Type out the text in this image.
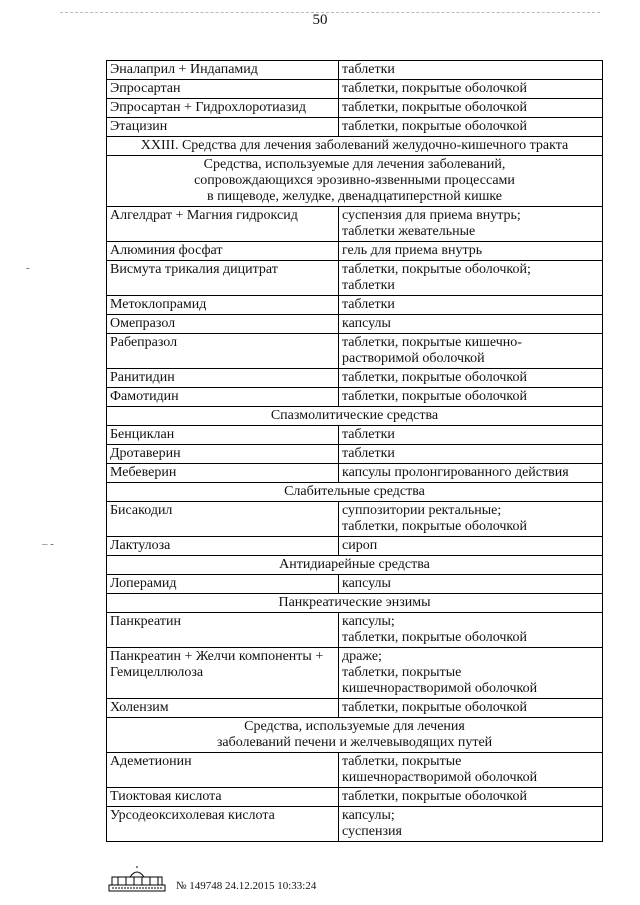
50
‐
‒ ‐
Эналаприл + Индапамид	таблетки
Эпросартан	таблетки, покрытые оболочкой
Эпросартан + Гидрохлоротиазид	таблетки, покрытые оболочкой
Этацизин	таблетки, покрытые оболочкой
XXIII. Средства для лечения заболеваний желудочно-кишечного тракта	
Средства, используемые для лечения заболеваний,
сопровождающихся эрозивно-язвенными процессами
в пищеводе, желудке, двенадцатиперстной кишке	
Алгелдрат + Магния гидроксид	суспензия для приема внутрь;
таблетки жевательные
Алюминия фосфат	гель для приема внутрь
Висмута трикалия дицитрат	таблетки, покрытые оболочкой;
таблетки
Метоклопрамид	таблетки
Омепразол	капсулы
Рабепразол	таблетки, покрытые кишечно-
растворимой оболочкой
Ранитидин	таблетки, покрытые оболочкой
Фамотидин	таблетки, покрытые оболочкой
Спазмолитические средства	
Бенциклан	таблетки
Дротаверин	таблетки
Мебеверин	капсулы пролонгированного действия
Слабительные средства	
Бисакодил	суппозитории ректальные;
таблетки, покрытые оболочкой
Лактулоза	сироп
Антидиарейные средства	
Лоперамид	капсулы
Панкреатические энзимы	
Панкреатин	капсулы;
таблетки, покрытые оболочкой
Панкреатин + Желчи компоненты +
Гемицеллюлоза	драже;
таблетки, покрытые
кишечнорастворимой оболочкой
Холензим	таблетки, покрытые оболочкой
Средства, используемые для лечения
заболеваний печени и желчевыводящих путей	
Адеметионин	таблетки, покрытые
кишечнорастворимой оболочкой
Тиоктовая кислота	таблетки, покрытые оболочкой
Урсодеоксихолевая кислота	капсулы;
суспензия
№ 149748 24.12.2015 10:33:24
